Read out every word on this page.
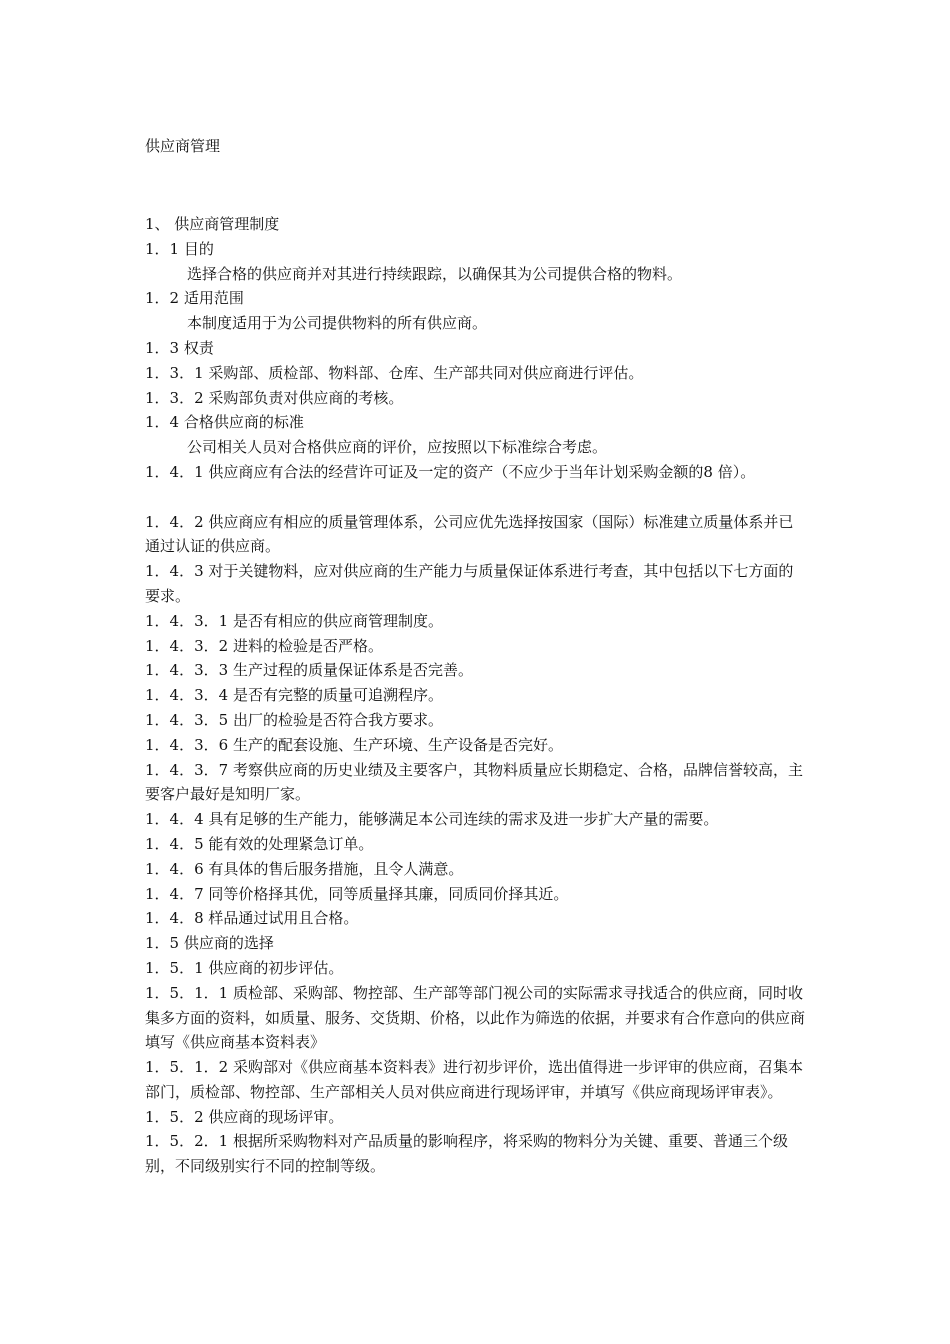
供应商管理

1、 供应商管理制度

1．1 目的

选择合格的供应商并对其进行持续跟踪，以确保其为公司提供合格的物料。

1．2 适用范围

本制度适用于为公司提供物料的所有供应商。

1．3 权责

1．3．1 采购部、质检部、物料部、仓库、生产部共同对供应商进行评估。

1．3．2 采购部负责对供应商的考核。

1．4 合格供应商的标准

公司相关人员对合格供应商的评价，应按照以下标准综合考虑。

1．4．1 供应商应有合法的经营许可证及一定的资产（不应少于当年计划采购金额的8 倍）。

1．4．2 供应商应有相应的质量管理体系，公司应优先选择按国家（国际）标准建立质量体系并已通过认证的供应商。

1．4．3 对于关键物料，应对供应商的生产能力与质量保证体系进行考查，其中包括以下七方面的要求。

1．4．3．1 是否有相应的供应商管理制度。

1．4．3．2 进料的检验是否严格。

1．4．3．3 生产过程的质量保证体系是否完善。

1．4．3．4 是否有完整的质量可追溯程序。

1．4．3．5 出厂的检验是否符合我方要求。

1．4．3．6 生产的配套设施、生产环境、生产设备是否完好。

1．4．3．7 考察供应商的历史业绩及主要客户，其物料质量应长期稳定、合格，品牌信誉较高，主要客户最好是知明厂家。

1．4．4 具有足够的生产能力，能够满足本公司连续的需求及进一步扩大产量的需要。

1．4．5 能有效的处理紧急订单。

1．4．6 有具体的售后服务措施，且令人满意。

1．4．7 同等价格择其优，同等质量择其廉，同质同价择其近。

1．4．8 样品通过试用且合格。

1．5 供应商的选择

1．5．1 供应商的初步评估。

1．5．1．1 质检部、采购部、物控部、生产部等部门视公司的实际需求寻找适合的供应商，同时收集多方面的资料，如质量、服务、交货期、价格，以此作为筛选的依据，并要求有合作意向的供应商填写《供应商基本资料表》

1．5．1．2 采购部对《供应商基本资料表》进行初步评价，选出值得进一步评审的供应商，召集本部门，质检部、物控部、生产部相关人员对供应商进行现场评审，并填写《供应商现场评审表》。

1．5．2 供应商的现场评审。

1．5．2．1 根据所采购物料对产品质量的影响程序，将采购的物料分为关键、重要、普通三个级别，不同级别实行不同的控制等级。
